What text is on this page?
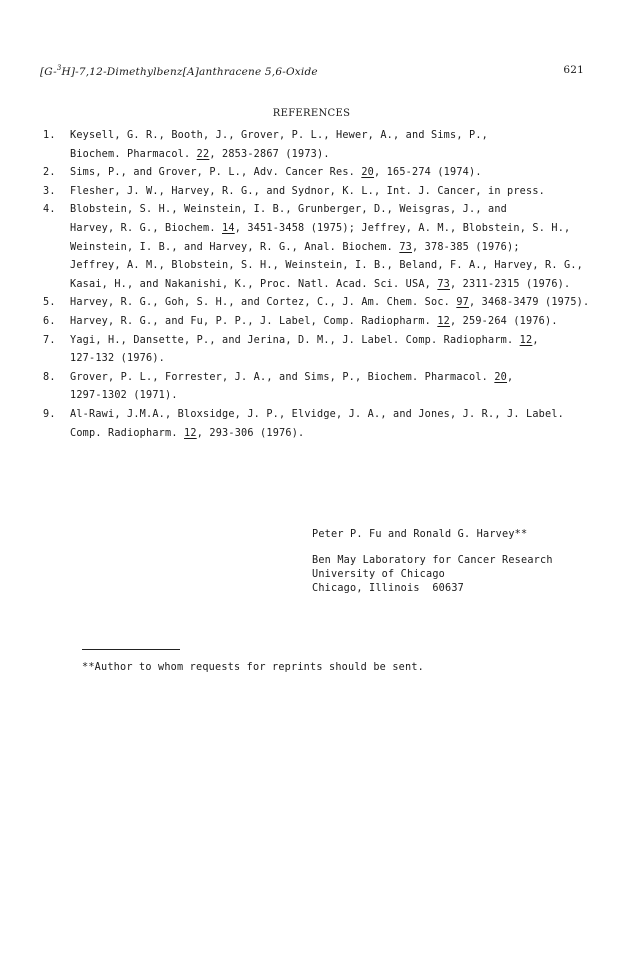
[G-$^3$H]-7,12-Dimethylbenz[A]anthracene 5,6-Oxide	621
REFERENCES
1.	Keysell, G. R., Booth, J., Grover, P. L., Hewer, A., and Sims, P.,
Biochem. Pharmacol. 22, 2853-2867 (1973).
2.	Sims, P., and Grover, P. L., Adv. Cancer Res. 20, 165-274 (1974).
3.	Flesher, J. W., Harvey, R. G., and Sydnor, K. L., Int. J. Cancer, in press.
4.	Blobstein, S. H., Weinstein, I. B., Grunberger, D., Weisgras, J., and
Harvey, R. G., Biochem. 14, 3451-3458 (1975); Jeffrey, A. M., Blobstein, S. H.,
Weinstein, I. B., and Harvey, R. G., Anal. Biochem. 73, 378-385 (1976);
Jeffrey, A. M., Blobstein, S. H., Weinstein, I. B., Beland, F. A., Harvey, R. G.,
Kasai, H., and Nakanishi, K., Proc. Natl. Acad. Sci. USA, 73, 2311-2315 (1976).
5.	Harvey, R. G., Goh, S. H., and Cortez, C., J. Am. Chem. Soc. 97, 3468-3479 (1975).
6.	Harvey, R. G., and Fu, P. P., J. Label, Comp. Radiopharm. 12, 259-264 (1976).
7.	Yagi, H., Dansette, P., and Jerina, D. M., J. Label. Comp. Radiopharm. 12,
127-132 (1976).
8.	Grover, P. L., Forrester, J. A., and Sims, P., Biochem. Pharmacol. 20,
1297-1302 (1971).
9.	Al-Rawi, J.M.A., Bloxsidge, J. P., Elvidge, J. A., and Jones, J. R., J. Label.
Comp. Radiopharm. 12, 293-306 (1976).
Peter P. Fu and Ronald G. Harvey**
Ben May Laboratory for Cancer Research
University of Chicago
Chicago, Illinois  60637
**Author to whom requests for reprints should be sent.
